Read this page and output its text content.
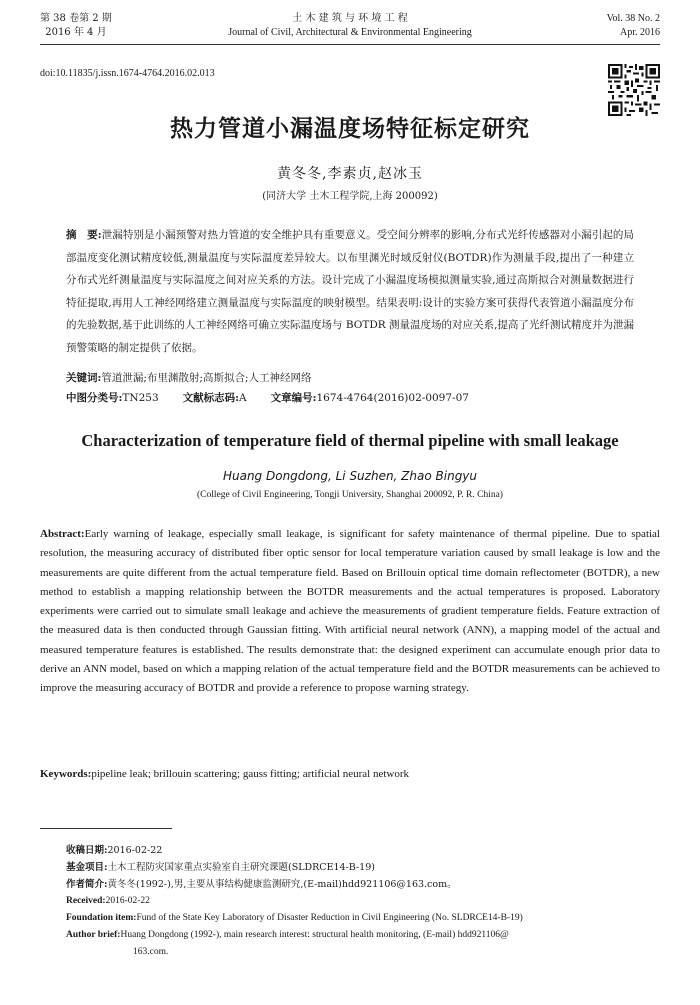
第 38 卷第 2 期
2016 年 4 月
土 木 建 筑 与 环 境 工 程
Journal of Civil, Architectural & Environmental Engineering
Vol. 38 No. 2
Apr. 2016
doi:10.11835/j.issn.1674-4764.2016.02.013
热力管道小漏温度场特征标定研究
黄冬冬,李素贞,赵冰玉
(同济大学 土木工程学院,上海 200092)
摘　要:泄漏特别是小漏预警对热力管道的安全维护具有重要意义。受空间分辨率的影响,分布式光纤传感器对小漏引起的局部温度变化测试精度较低,测量温度与实际温度差异较大。以布里渊光时域反射仪(BOTDR)作为测量手段,提出了一种建立分布式光纤测量温度与实际温度之间对应关系的方法。设计完成了小漏温度场模拟测量实验,通过高斯拟合对测量数据进行特征提取,再用人工神经网络建立测量温度与实际温度的映射模型。结果表明:设计的实验方案可获得代表管道小漏温度分布的先验数据,基于此训练的人工神经网络可确立实际温度场与 BOTDR 测量温度场的对应关系,提高了光纤测试精度并为泄漏预警策略的制定提供了依据。
关键词:管道泄漏;布里渊散射;高斯拟合;人工神经网络
中图分类号:TN253 文献标志码:A 文章编号:1674-4764(2016)02-0097-07
Characterization of temperature field of thermal pipeline with small leakage
Huang Dongdong, Li Suzhen, Zhao Bingyu
(College of Civil Engineering, Tongji University, Shanghai 200092, P. R. China)
Abstract:Early warning of leakage, especially small leakage, is significant for safety maintenance of thermal pipeline. Due to spatial resolution, the measuring accuracy of distributed fiber optic sensor for local temperature variation caused by small leakage is low and the measurements are quite different from the actual temperature field. Based on Brillouin optical time domain reflectometer (BOTDR), a new method to establish a mapping relationship between the BOTDR measurements and the actual temperatures is proposed. Laboratory experiments were carried out to simulate small leakage and achieve the measurements of gradient temperature fields. Feature extraction of the measured data is then conducted through Gaussian fitting. With artificial neural network (ANN), a mapping model of the actual and measured temperature features is established. The results demonstrate that: the designed experiment can accumulate enough prior data to derive an ANN model, based on which a mapping relation of the actual temperature field and the BOTDR measurements can be achieved to improve the measuring accuracy of BOTDR and provide a reference to propose warning strategy.
Keywords:pipeline leak; brillouin scattering; gauss fitting; artificial neural network
收稿日期:2016-02-22
基金项目:土木工程防灾国家重点实验室自主研究课题(SLDRCE14-B-19)
作者简介:黄冬冬(1992-),男,主要从事结构健康监测研究,(E-mail)hdd921106@163.com。
Received:2016-02-22
Foundation item:Fund of the State Key Laboratory of Disaster Reduction in Civil Engineering (No. SLDRCE14-B-19)
Author brief:Huang Dongdong (1992-), main research interest: structural health monitoring, (E-mail) hdd921106@
163.com.
